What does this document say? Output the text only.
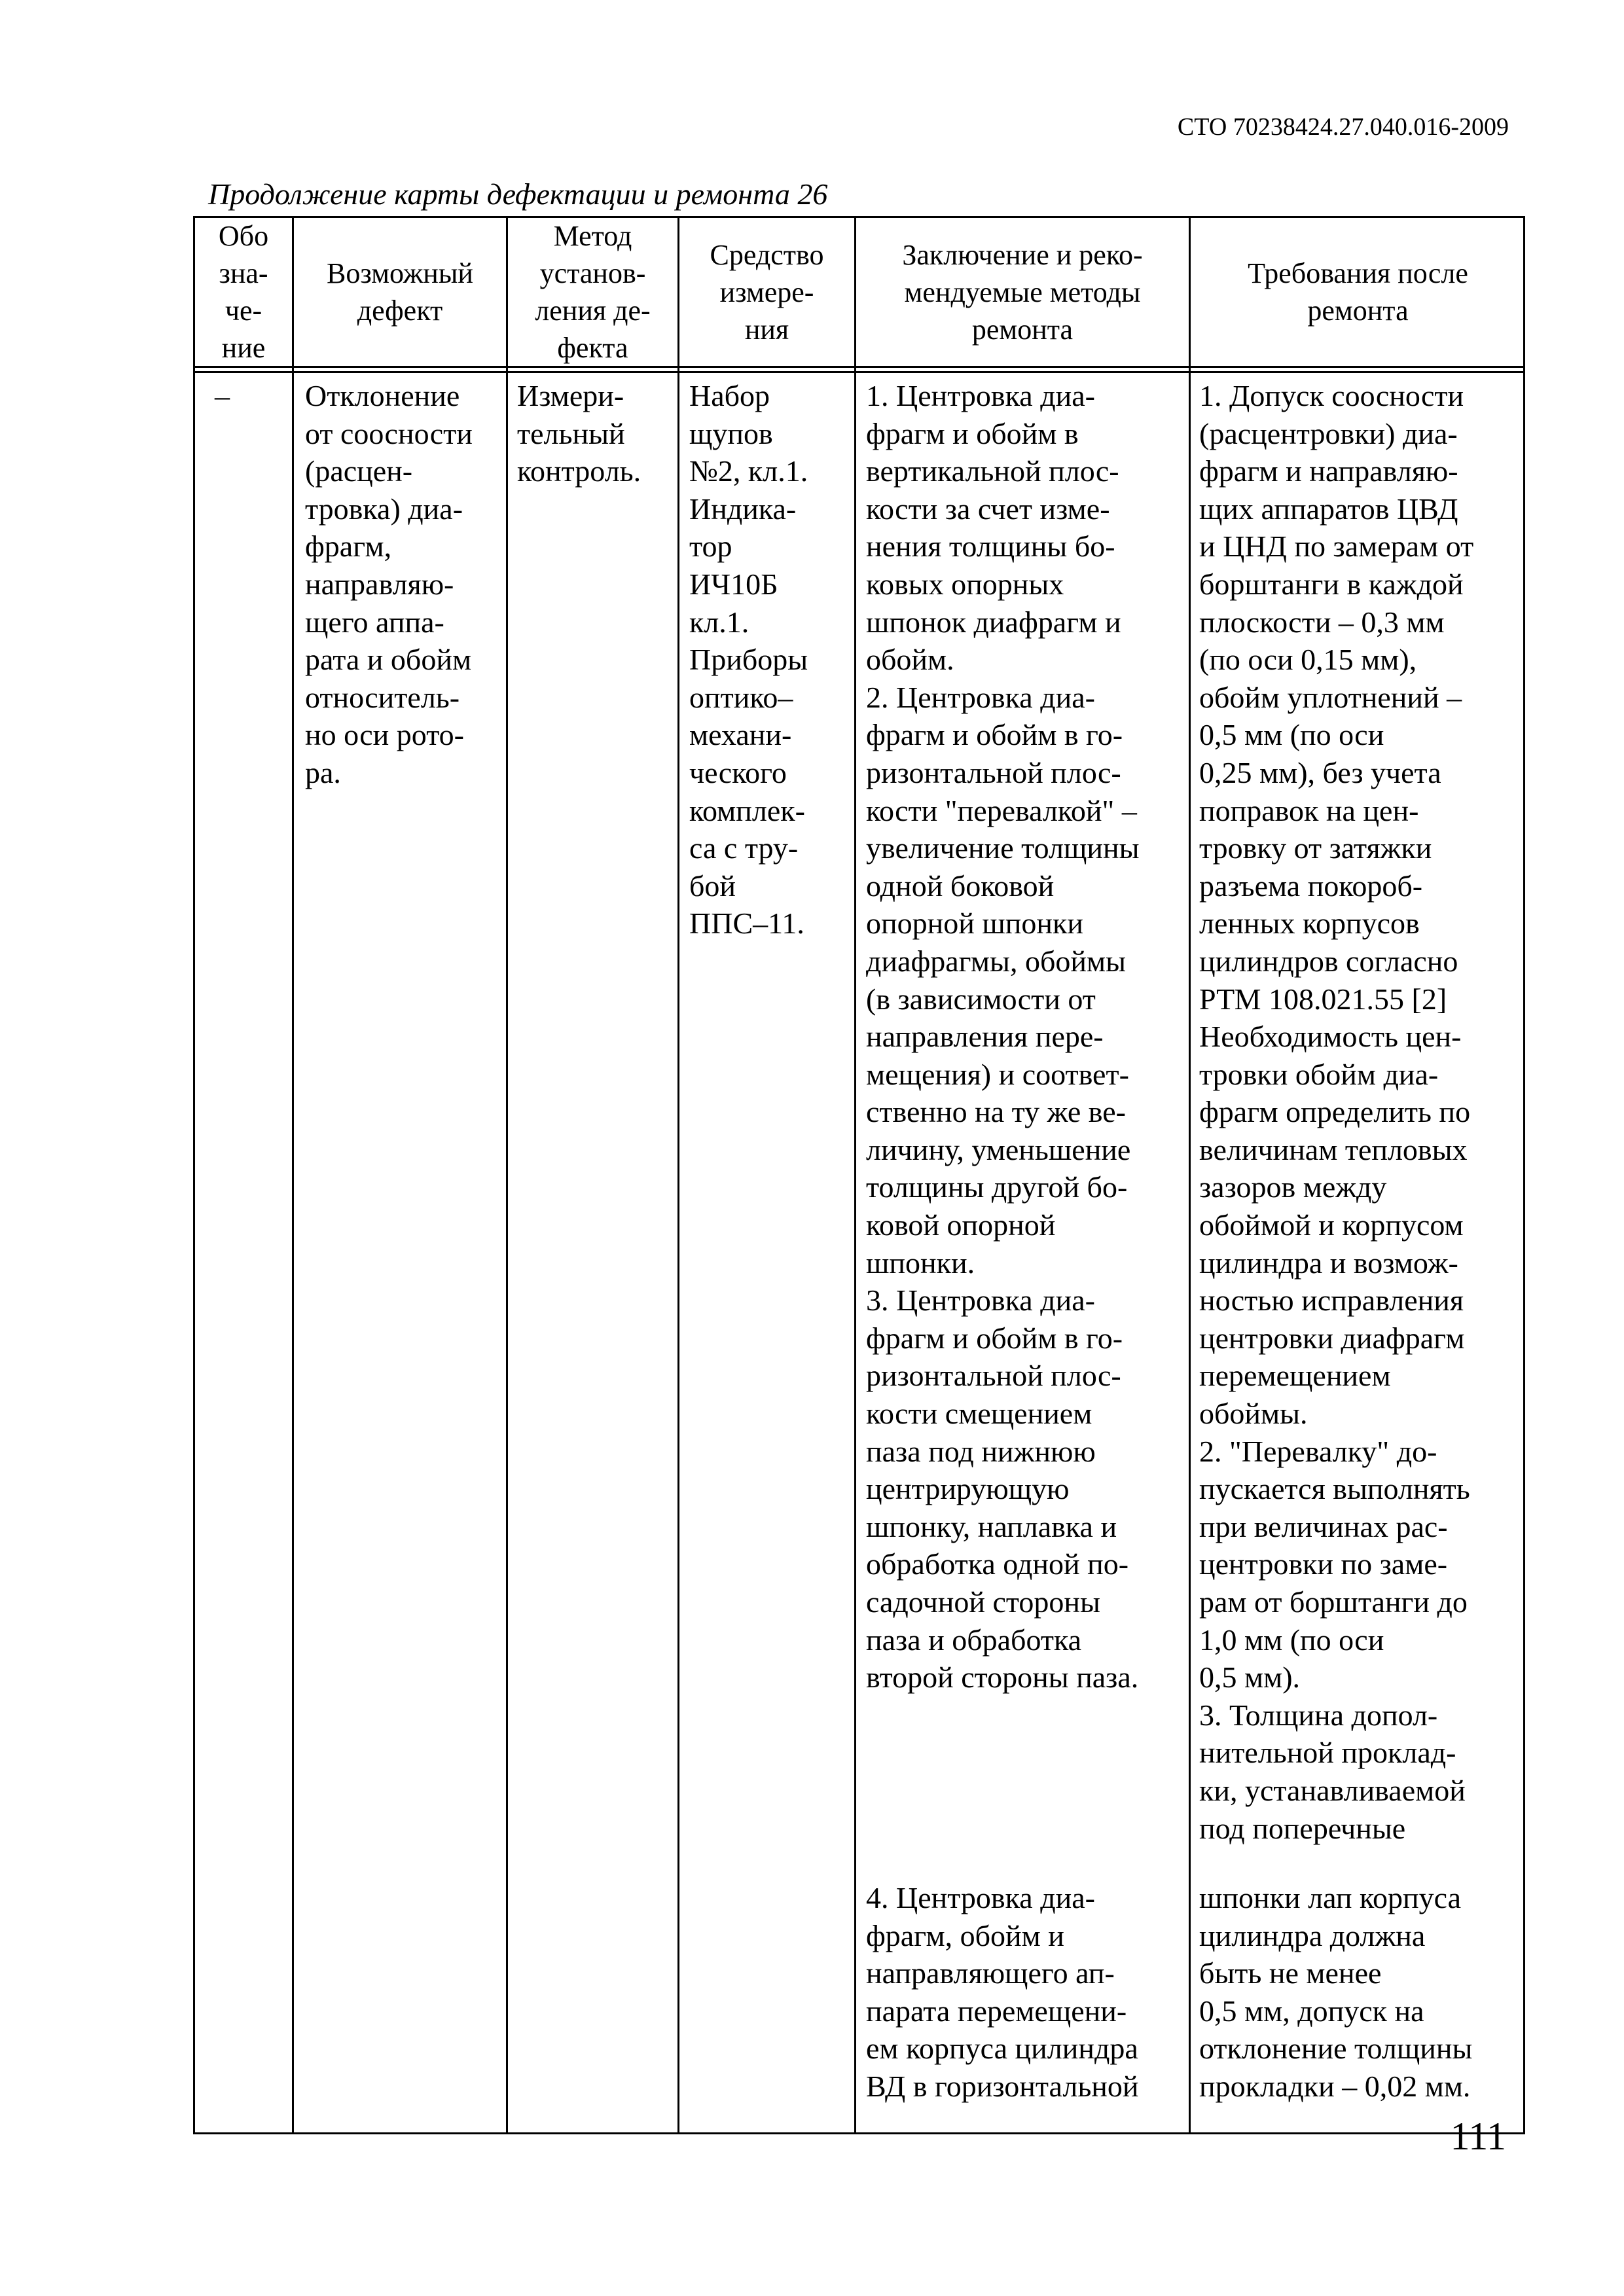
СТО 70238424.27.040.016-2009
Продолжение карты дефектации и ремонта 26
Обо
зна-
че-
ние
Возможный
дефект
Метод
установ-
ления де-
фекта
Средство
измере-
ния
Заключение и реко-
мендуемые методы
ремонта
Требования после
ремонта
–	Отклонение
от соосности
(расцен-
тровка) диа-
фрагм,
направляю-
щего аппа-
рата и обойм
относитель-
но оси рото-
ра.
Измери-
тельный
контроль.
Набор
щупов
№2, кл.1.
Индика-
тор
ИЧ10Б
кл.1.
Приборы
оптико–
механи-
ческого
комплек-
са с тру-
бой
ППС–11.
1. Центровка диа-
фрагм и обойм в
вертикальной плос-
кости за счет изме-
нения толщины бо-
ковых опорных
шпонок диафрагм и
обойм.
2. Центровка диа-
фрагм и обойм в го-
ризонтальной плос-
кости "перевалкой" –
увеличение толщины
одной боковой
опорной шпонки
диафрагмы, обоймы
(в зависимости от
направления пере-
мещения) и соответ-
ственно на ту же ве-
личину, уменьшение
толщины другой бо-
ковой опорной
шпонки.
3. Центровка диа-
фрагм и обойм в го-
ризонтальной плос-
кости смещением
паза под нижнюю
центрирующую
шпонку, наплавка и
обработка одной по-
садочной стороны
паза и обработка
второй стороны паза.
4. Центровка диа-
фрагм, обойм и
направляющего ап-
парата перемещени-
ем корпуса цилиндра
ВД в горизонтальной
1. Допуск соосности
(расцентровки) диа-
фрагм и направляю-
щих аппаратов ЦВД
и ЦНД по замерам от
борштанги в каждой
плоскости – 0,3 мм
(по оси 0,15 мм),
обойм уплотнений –
0,5 мм (по оси
0,25 мм), без учета
поправок на цен-
тровку от затяжки
разъема покороб-
ленных корпусов
цилиндров согласно
РТМ 108.021.55 [2]
Необходимость цен-
тровки обойм диа-
фрагм определить по
величинам тепловых
зазоров между
обоймой и корпусом
цилиндра и возмож-
ностью исправления
центровки диафрагм
перемещением
обоймы.
2. "Перевалку" до-
пускается выполнять
при величинах рас-
центровки по заме-
рам от борштанги до
1,0 мм (по оси
0,5 мм).
3. Толщина допол-
нительной проклад-
ки, устанавливаемой
под поперечные
шпонки лап корпуса
цилиндра должна
быть не менее
0,5 мм, допуск на
отклонение толщины
прокладки – 0,02 мм.
111
